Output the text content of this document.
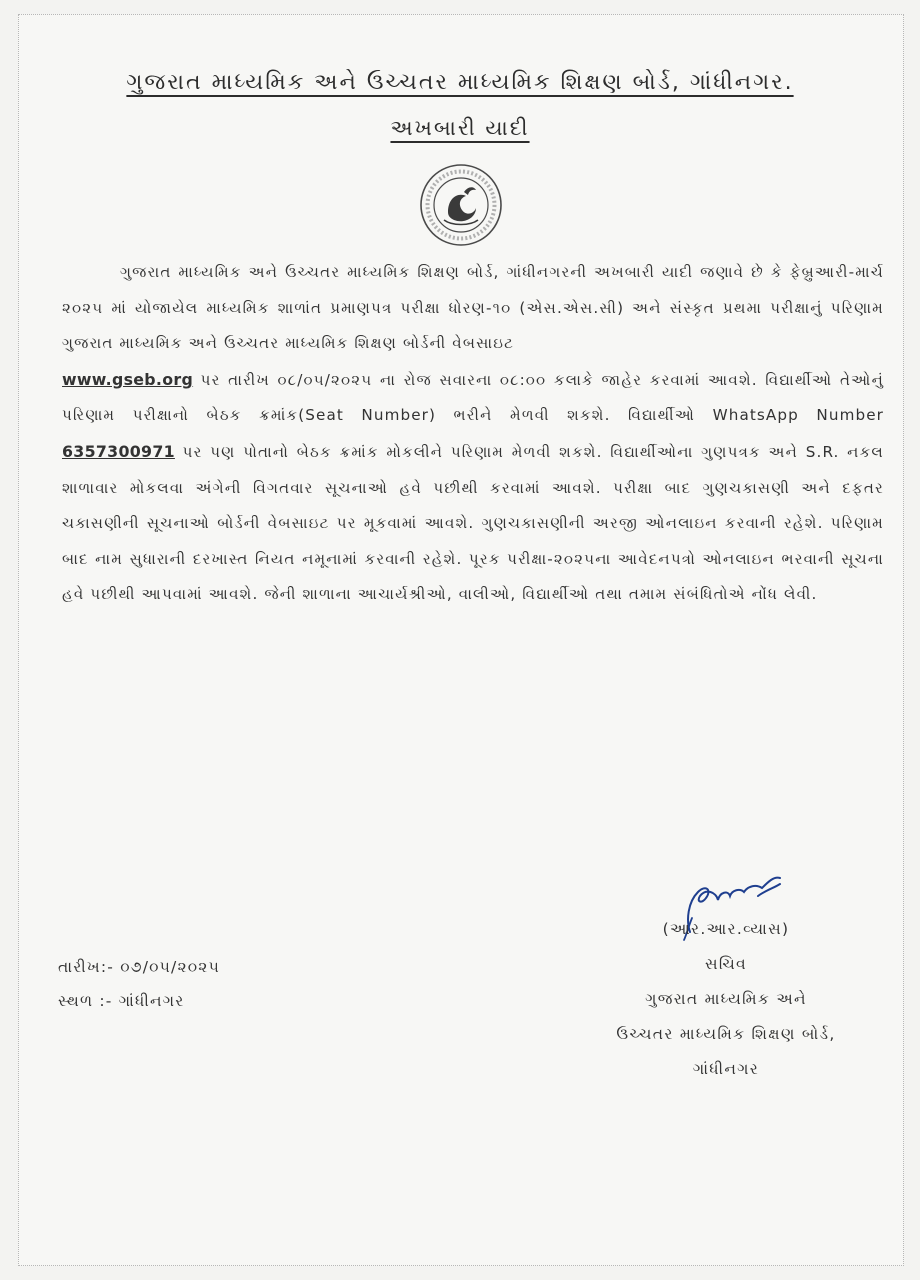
ગુજરાત માધ્યમિક અને ઉચ્ચતર માધ્યમિક શિક્ષણ બોર્ડ, ગાંધીનગર.
અખબારી યાદી
ગુજરાત માધ્યમિક અને ઉચ્ચતર માધ્યમિક શિક્ષણ બોર્ડ, ગાંધીનગરની અખબારી યાદી જણાવે છે કે ફેબ્રુઆરી-માર્ચ ૨૦૨૫ માં યોજાયેલ માધ્યમિક શાળાંત પ્રમાણપત્ર પરીક્ષા ધોરણ-૧૦ (એસ.એસ.સી) અને સંસ્કૃત પ્રથમા પરીક્ષાનું પરિણામ ગુજરાત માધ્યમિક અને ઉચ્ચતર માધ્યમિક શિક્ષણ બોર્ડની વેબસાઇટ
www.gseb.org પર તારીખ ૦૮/૦૫/૨૦૨૫ ના રોજ સવારના ૦૮:૦૦ કલાકે જાહેર કરવામાં આવશે. વિદ્યાર્થીઓ તેઓનું પરિણામ પરીક્ષાનો બેઠક ક્રમાંક(Seat Number) ભરીને મેળવી શકશે. વિદ્યાર્થીઓ WhatsApp Number 6357300971 પર પણ પોતાનો બેઠક ક્રમાંક મોકલીને પરિણામ મેળવી શકશે. વિદ્યાર્થીઓના ગુણપત્રક અને S.R. નકલ શાળાવાર મોકલવા અંગેની વિગતવાર સૂચનાઓ હવે પછીથી કરવામાં આવશે. પરીક્ષા બાદ ગુણચકાસણી અને દફતર ચકાસણીની સૂચનાઓ બોર્ડની વેબસાઇટ પર મૂકવામાં આવશે. ગુણચકાસણીની અરજી ઓનલાઇન કરવાની રહેશે. પરિણામ બાદ નામ સુધારાની દરખાસ્ત નિયત નમૂનામાં કરવાની રહેશે. પૂરક પરીક્ષા-૨૦૨૫ના આવેદનપત્રો ઓનલાઇન ભરવાની સૂચના હવે પછીથી આપવામાં આવશે. જેની શાળાના આચાર્યશ્રીઓ, વાલીઓ, વિદ્યાર્થીઓ તથા તમામ સંબંધિતોએ નોંધ લેવી.
(આર.આર.વ્યાસ)
સચિવ
ગુજરાત માધ્યમિક અને
ઉચ્ચતર માધ્યમિક શિક્ષણ બોર્ડ,
ગાંધીનગર
તારીખ:- ૦૭/૦૫/૨૦૨૫
સ્થળ :- ગાંધીનગર
